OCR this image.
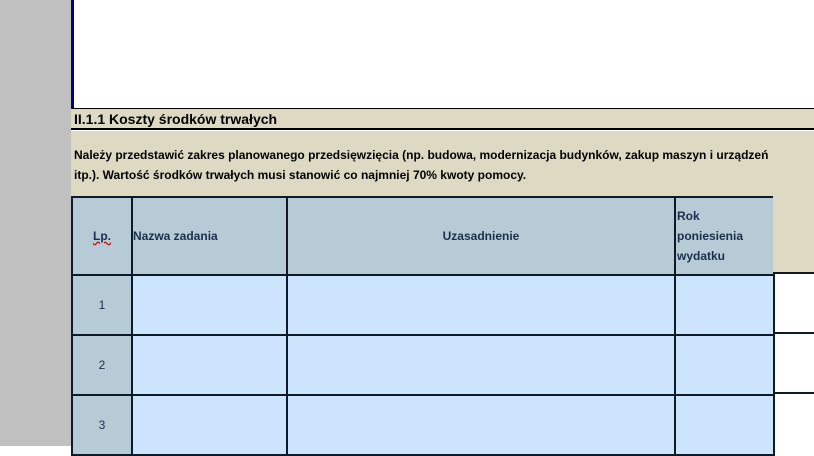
II.1.1 Koszty środków trwałych
Należy przedstawić zakres planowanego przedsięwzięcia (np. budowa, modernizacja budynków, zakup maszyn i urządzeń
itp.). Wartość środków trwałych musi stanowić co najmniej 70% kwoty pomocy.
Lp.	Nazwa zadania	Uzasadnienie	Rok
poniesienia
wydatku

1			
2			
3			
